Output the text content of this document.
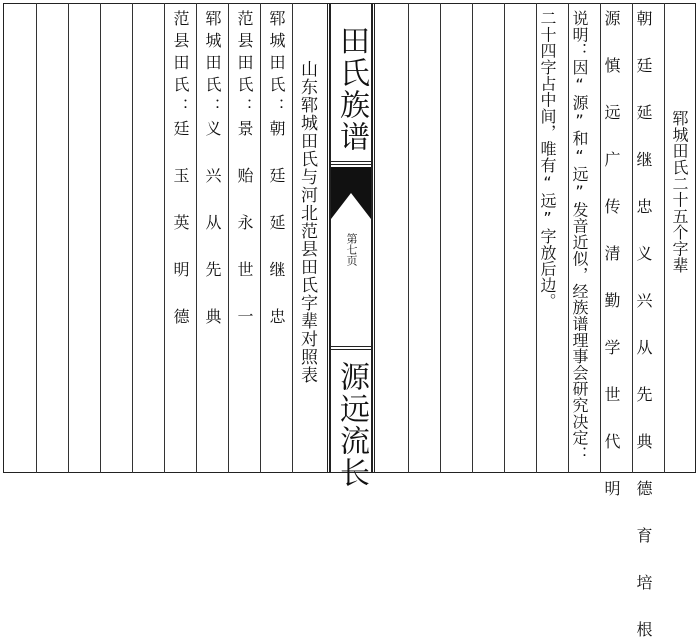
范县田氏：廷 玉 英 明 德 郓城田氏：义 兴 从 先 典 范县田氏：景 贻 永 世 一 郓城田氏：朝 廷 延 继 忠 山东郓城田氏与河北范县田氏字辈对照表 田氏族谱
第七页
源远流长
二十四字占中间，唯有“远”字放后边。 说明：因“源”和“远”发音近似，经族谱理事会研究决定： 源 慎 远 广 传 清 勤 学 世 代 明 朝 廷 延 继 忠 义 兴 从 先 典 德 育 培 根 郓城田氏二十五个字辈
